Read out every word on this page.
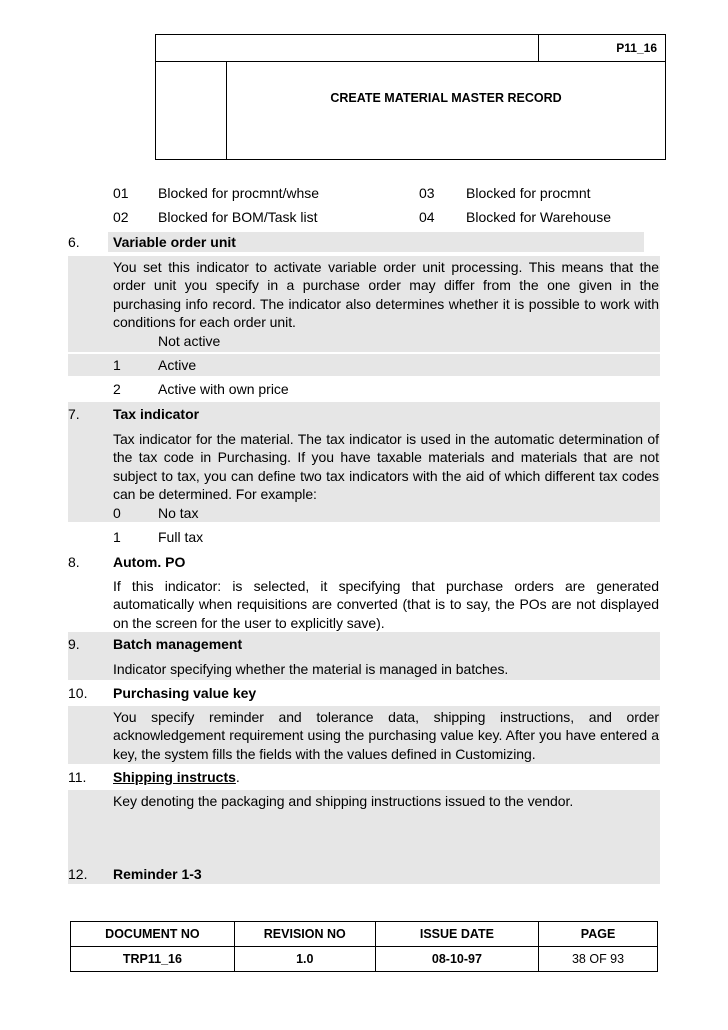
P11_16
CREATE MATERIAL MASTER RECORD
01 Blocked for procmnt/whse	03 Blocked for procmnt
02 Blocked for BOM/Task list	04 Blocked for Warehouse
6. Variable order unit
You set this indicator to activate variable order unit processing. This means that the order unit you specify in a purchase order may differ from the one given in the purchasing info record. The indicator also determines whether it is possible to work with conditions for each order unit.
Not active
1	Active
2	Active with own price
7. Tax indicator
Tax indicator for the material. The tax indicator is used in the automatic determination of the tax code in Purchasing. If you have taxable materials and materials that are not subject to tax, you can define two tax indicators with the aid of which different tax codes can be determined. For example:
0	No tax
1	Full tax
8. Autom. PO
If this indicator: is selected, it specifying that purchase orders are generated automatically when requisitions are converted (that is to say, the POs are not displayed on the screen for the user to explicitly save).
9. Batch management
Indicator specifying whether the material is managed in batches.
10. Purchasing value key
You specify reminder and tolerance data, shipping instructions, and order acknowledgement requirement using the purchasing value key. After you have entered a key, the system fills the fields with the values defined in Customizing.
11. Shipping instructs.
Key denoting the packaging and shipping instructions issued to the vendor.
12. Reminder 1-3
DOCUMENT NO	REVISION NO	ISSUE DATE	PAGE
TRP11_16	1.0	08-10-97	38 OF 93
